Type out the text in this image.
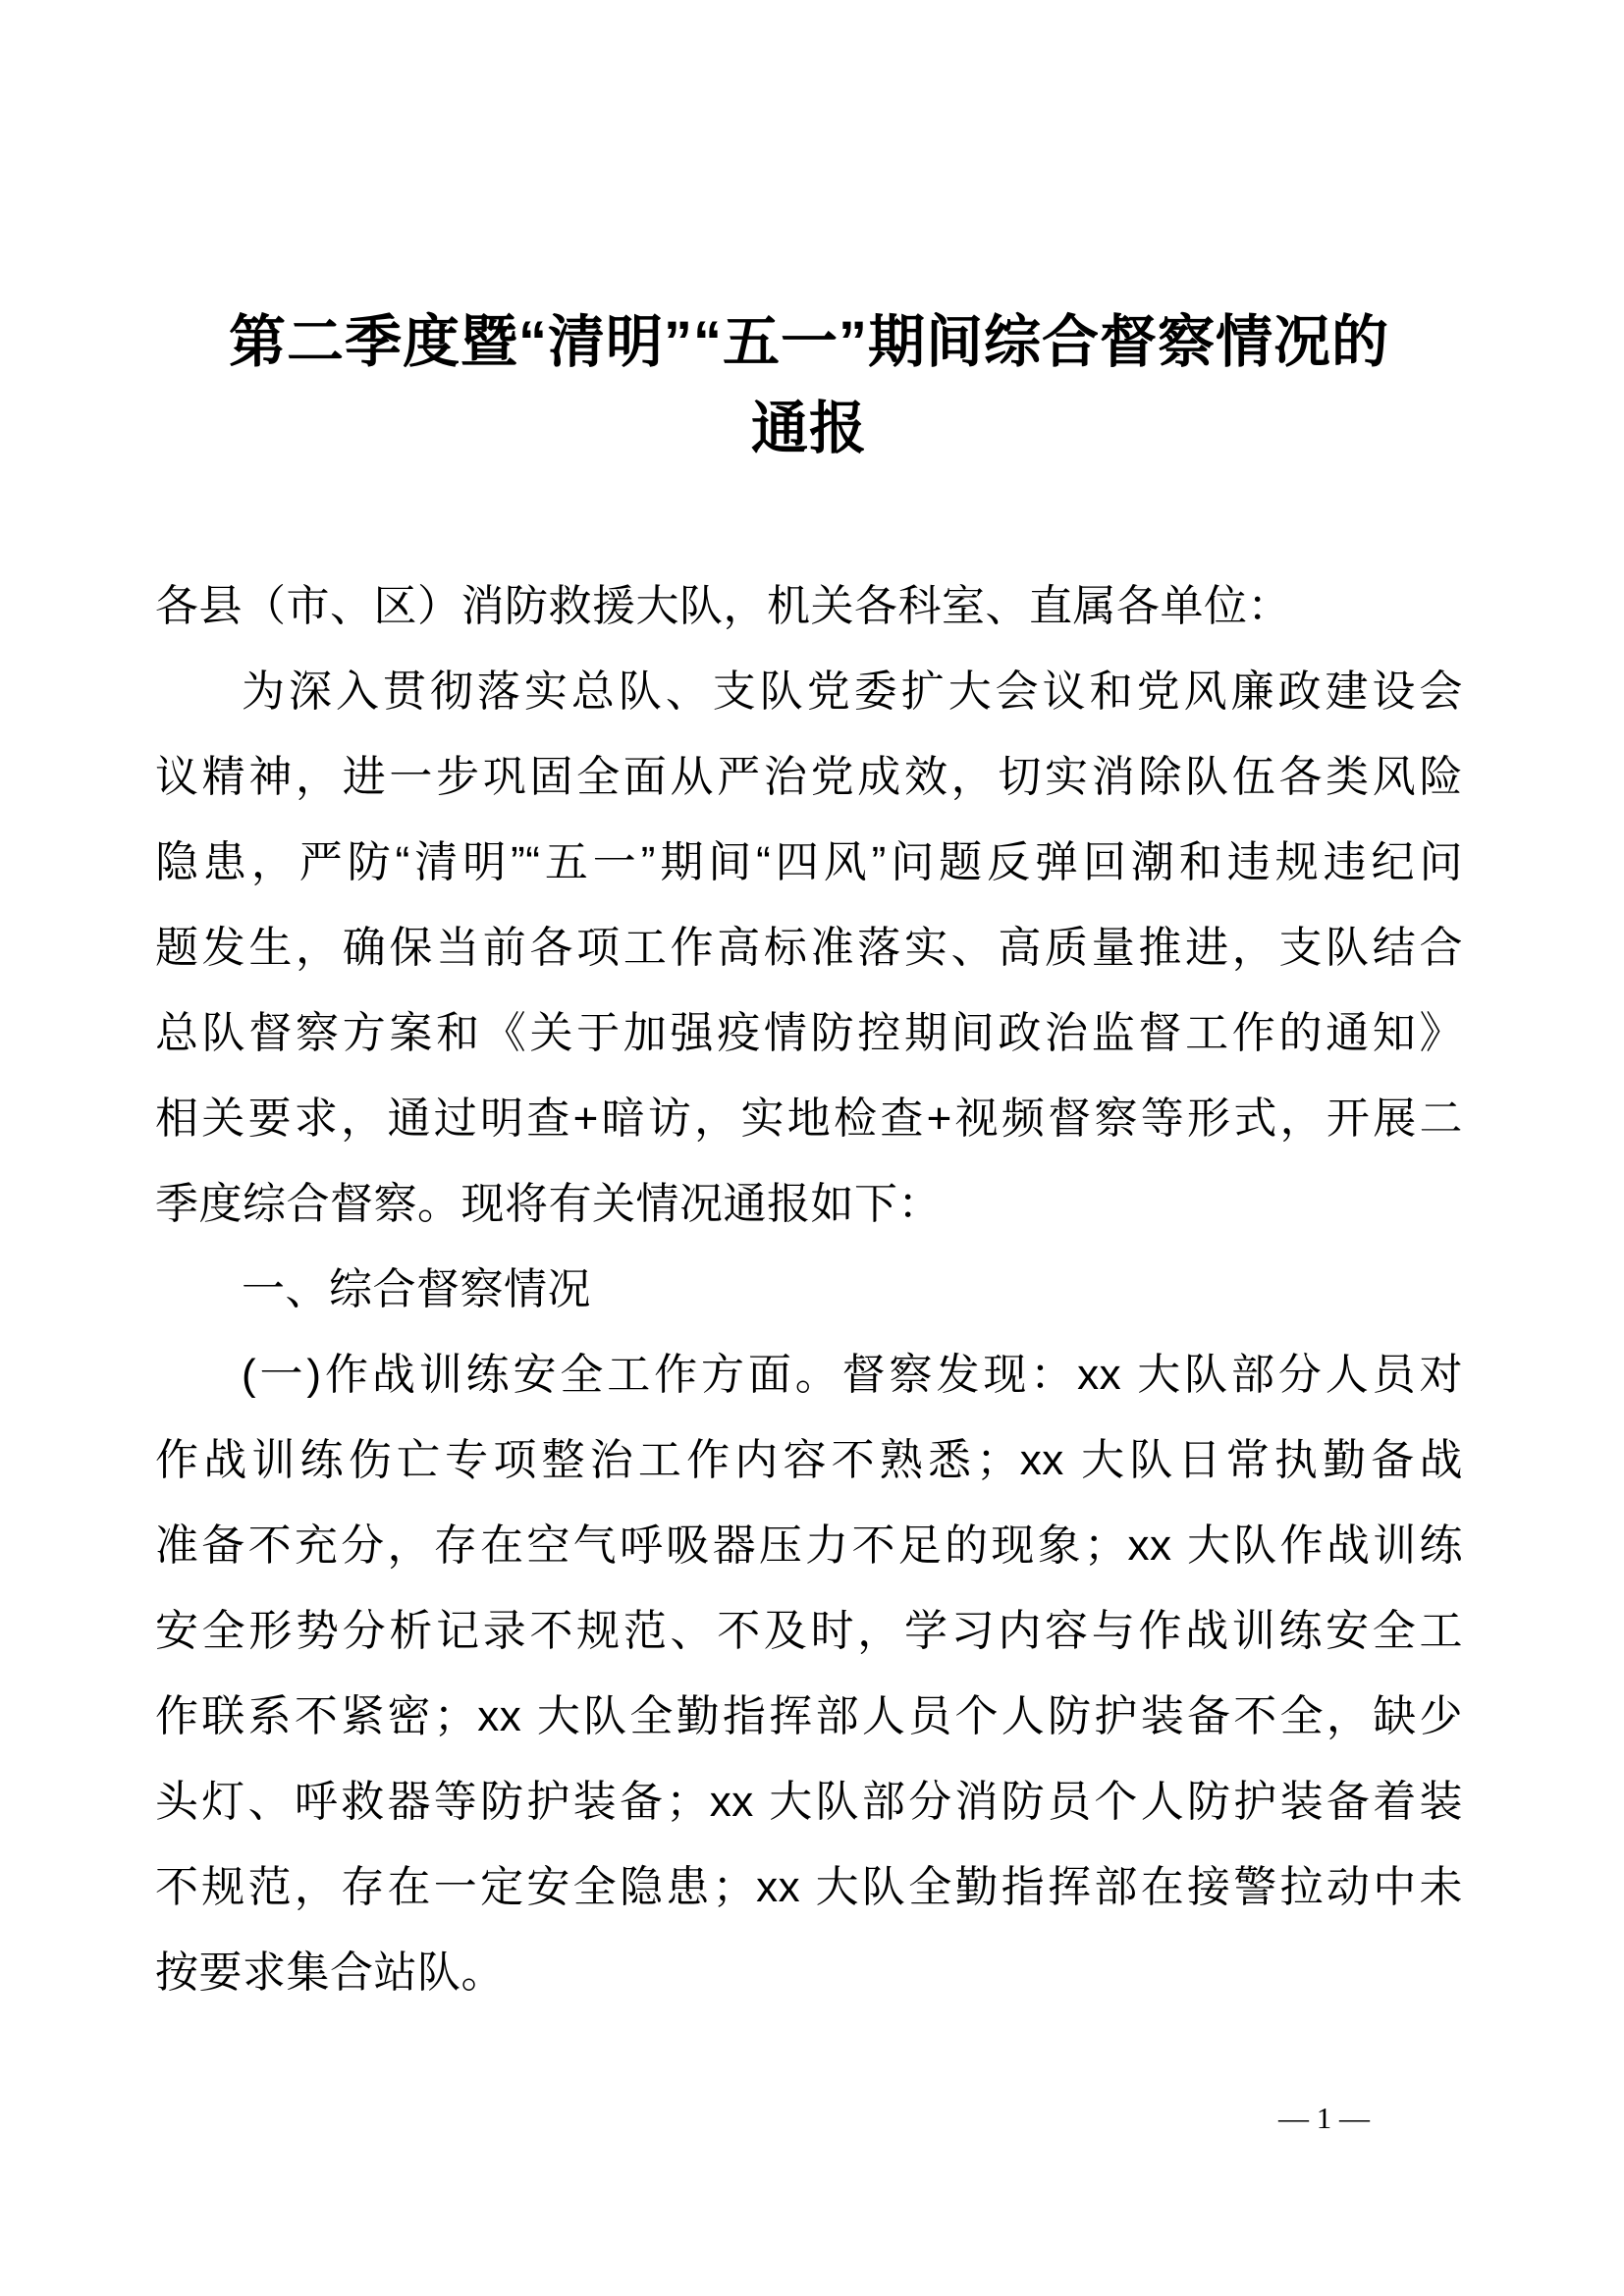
第二季度暨“清明”“五一”期间综合督察情况的
通报
各县（市、区）消防救援大队，机关各科室、直属各单位：
为深入贯彻落实总队、支队党委扩大会议和党风廉政建设会
议精神，进一步巩固全面从严治党成效，切实消除队伍各类风险
隐患，严防“清明”“五一”期间“四风”问题反弹回潮和违规违纪问
题发生，确保当前各项工作高标准落实、高质量推进，支队结合
总队督察方案和《关于加强疫情防控期间政治监督工作的通知》
相关要求，通过明查+暗访，实地检查+视频督察等形式，开展二
季度综合督察。现将有关情况通报如下：
一、综合督察情况
(一)作战训练安全工作方面。督察发现：xx 大队部分人员对
作战训练伤亡专项整治工作内容不熟悉；xx 大队日常执勤备战
准备不充分，存在空气呼吸器压力不足的现象；xx 大队作战训练
安全形势分析记录不规范、不及时，学习内容与作战训练安全工
作联系不紧密；xx 大队全勤指挥部人员个人防护装备不全，缺少
头灯、呼救器等防护装备；xx 大队部分消防员个人防护装备着装
不规范，存在一定安全隐患；xx 大队全勤指挥部在接警拉动中未
按要求集合站队。
— 1 —
